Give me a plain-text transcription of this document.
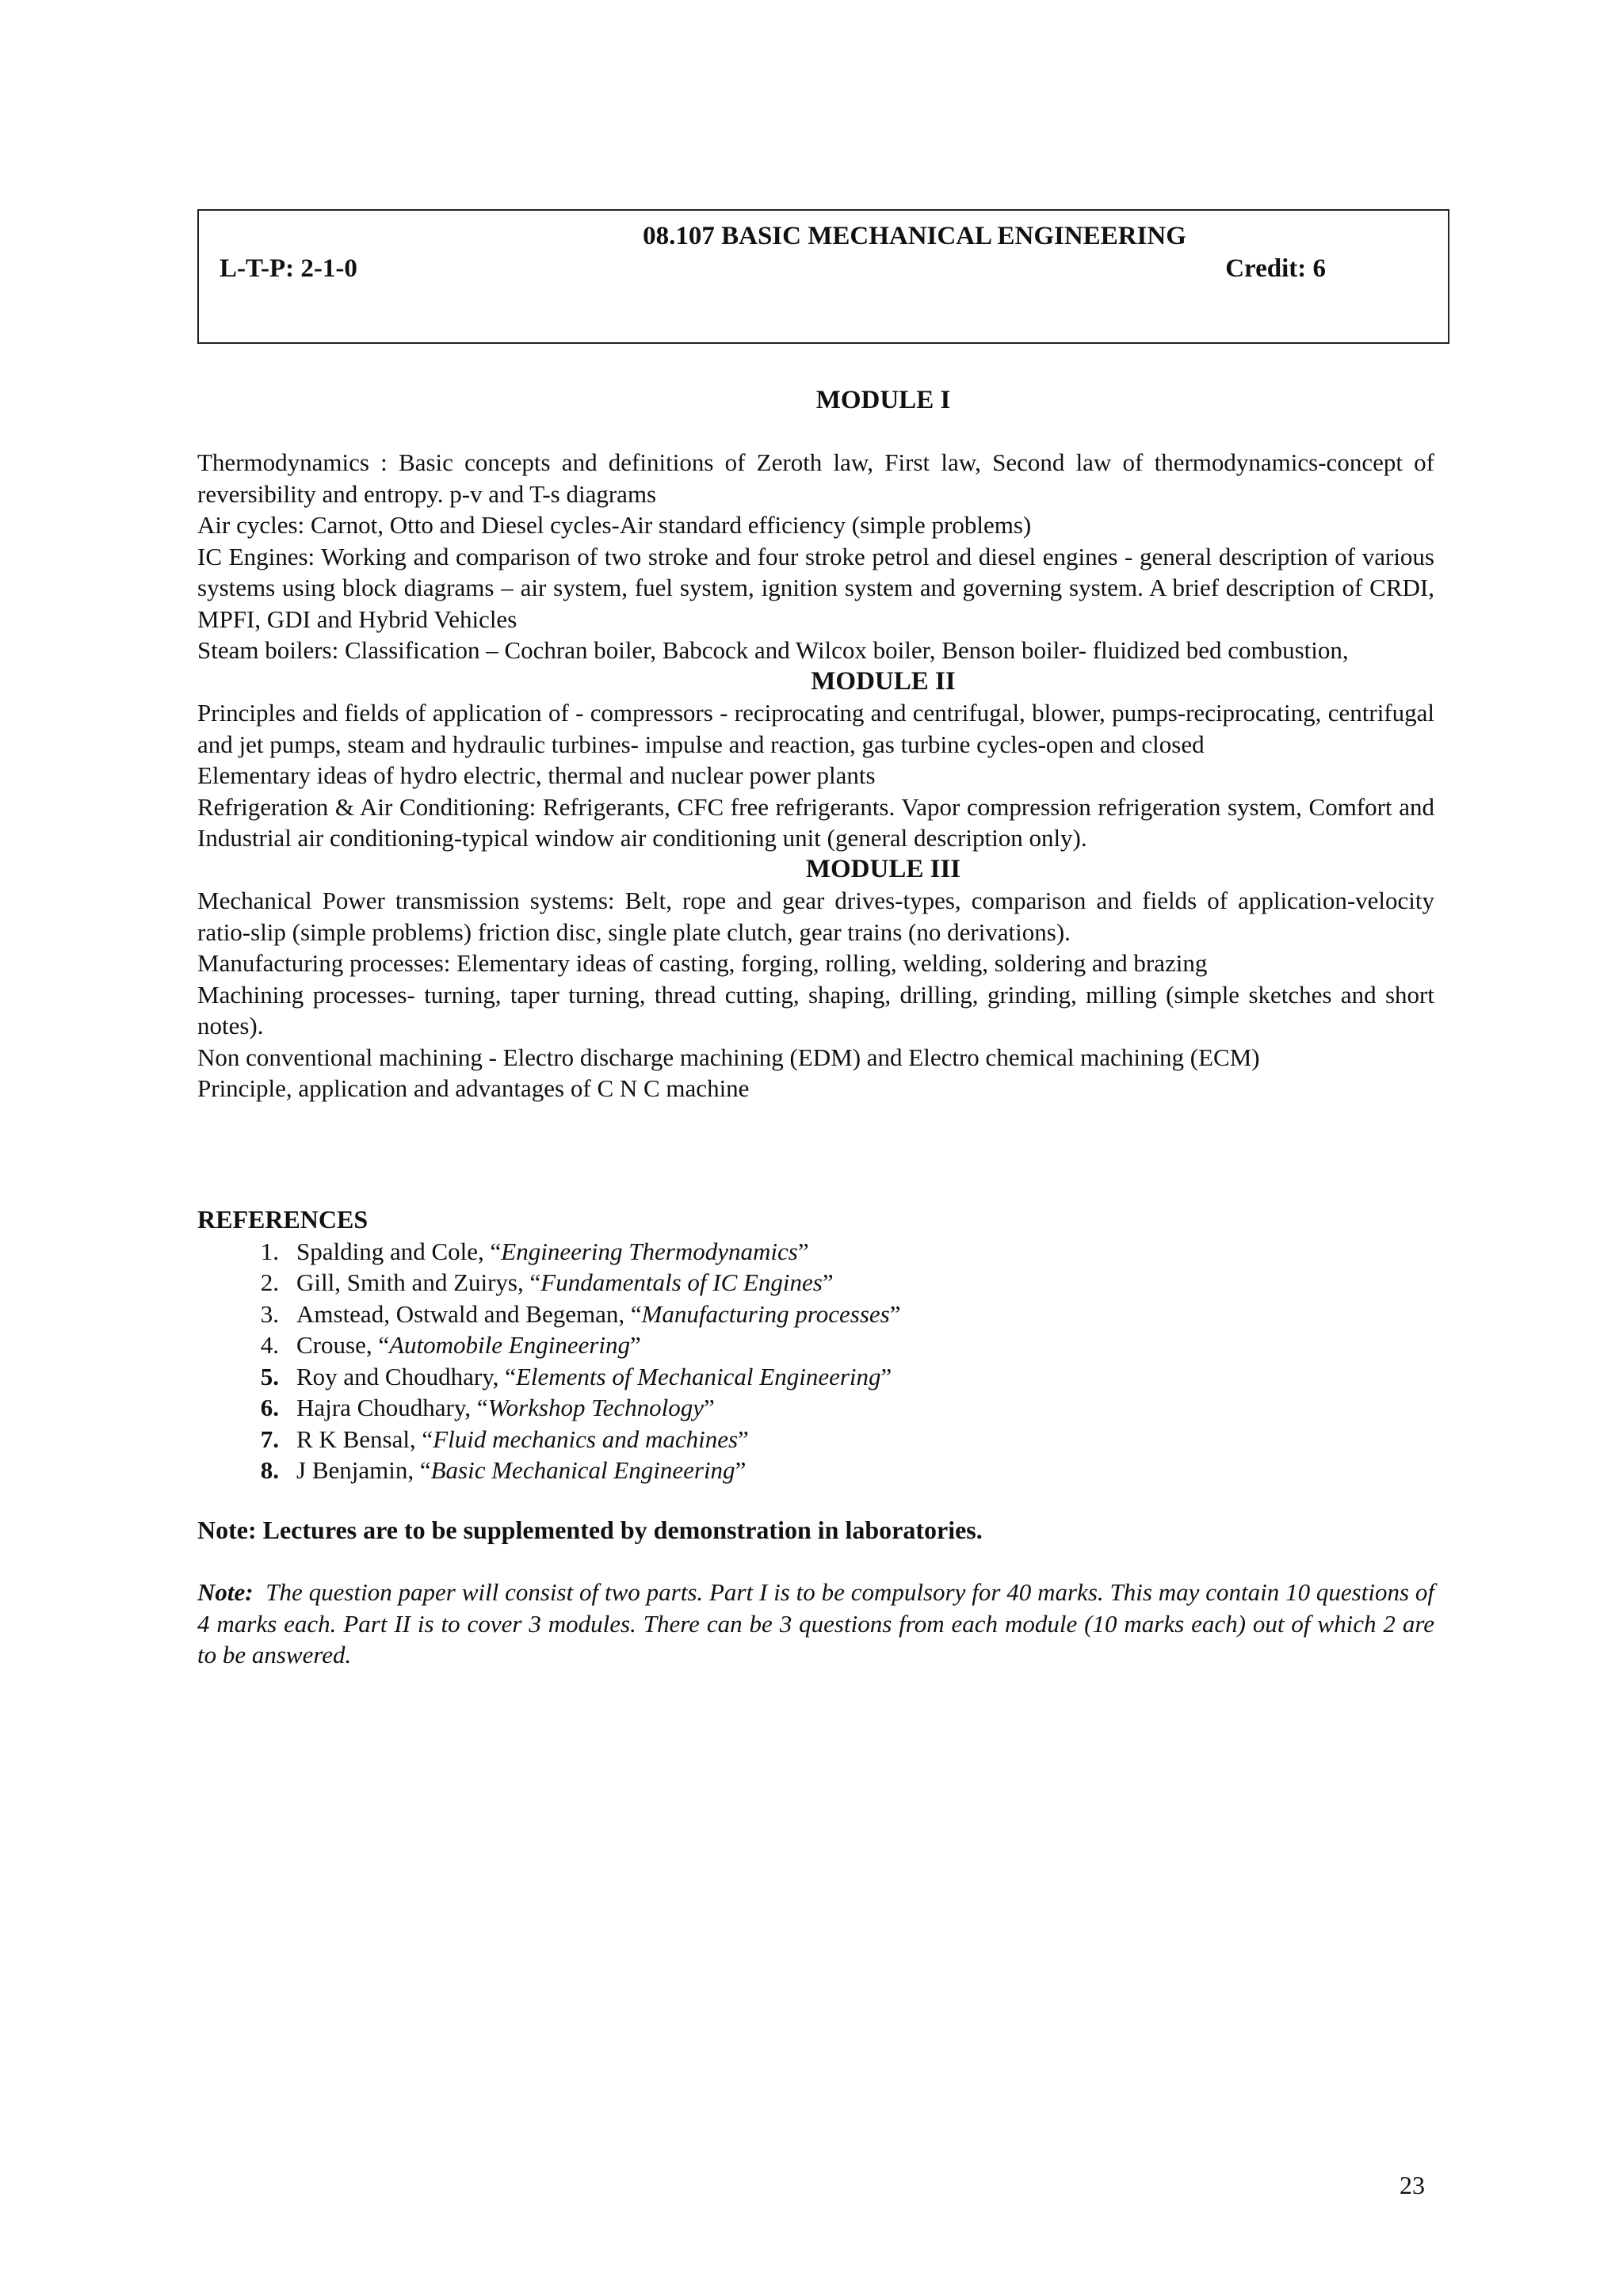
08.107 BASIC MECHANICAL ENGINEERING
L-T-P: 2-1-0	Credit: 6
MODULE I
Thermodynamics : Basic concepts and definitions of Zeroth law, First law, Second law of thermodynamics-concept of reversibility and entropy. p-v and T-s diagrams
Air cycles: Carnot, Otto and Diesel cycles-Air standard efficiency (simple problems)
IC Engines: Working and comparison of two stroke and four stroke petrol and diesel engines - general description of various systems using block diagrams – air system, fuel system, ignition system and governing system. A brief description of CRDI, MPFI, GDI and Hybrid Vehicles
Steam boilers: Classification – Cochran boiler, Babcock and Wilcox boiler, Benson boiler- fluidized bed combustion,
MODULE II
Principles and fields of application of - compressors - reciprocating and centrifugal, blower, pumps-reciprocating, centrifugal and jet pumps, steam and hydraulic turbines- impulse and reaction, gas turbine cycles-open and closed
Elementary ideas of hydro electric, thermal and nuclear power plants
Refrigeration & Air Conditioning: Refrigerants, CFC free refrigerants. Vapor compression refrigeration system, Comfort and Industrial air conditioning-typical window air conditioning unit (general description only).
MODULE III
Mechanical Power transmission systems: Belt, rope and gear drives-types, comparison and fields of application-velocity ratio-slip (simple problems) friction disc, single plate clutch, gear trains (no derivations).
Manufacturing processes: Elementary ideas of casting, forging, rolling, welding, soldering and brazing
Machining processes- turning, taper turning, thread cutting, shaping, drilling, grinding, milling (simple sketches and short notes).
Non conventional machining - Electro discharge machining (EDM) and Electro chemical machining (ECM)
Principle, application and advantages of C N C machine
REFERENCES
1. Spalding and Cole, “Engineering Thermodynamics”
2. Gill, Smith and Zuirys, “Fundamentals of IC Engines”
3. Amstead, Ostwald and Begeman, “Manufacturing processes”
4. Crouse, “Automobile Engineering”
5. Roy and Choudhary, “Elements of Mechanical Engineering”
6. Hajra Choudhary, “Workshop Technology”
7. R K Bensal, “Fluid mechanics and machines”
8. J Benjamin, “Basic Mechanical Engineering”
Note: Lectures are to be supplemented by demonstration in laboratories.
Note: The question paper will consist of two parts. Part I is to be compulsory for 40 marks. This may contain 10 questions of 4 marks each. Part II is to cover 3 modules. There can be 3 questions from each module (10 marks each) out of which 2 are to be answered.
23
